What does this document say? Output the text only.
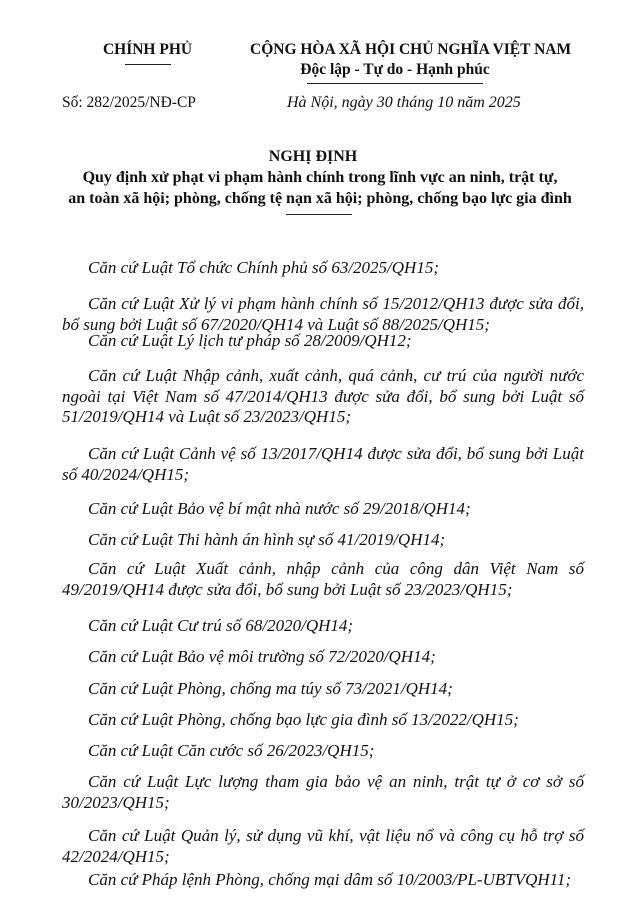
CHÍNH PHỦ	CỘNG HÒA XÃ HỘI CHỦ NGHĨA VIỆT NAM
Độc lập - Tự do - Hạnh phúc
Số: 282/2025/NĐ-CP	Hà Nội, ngày 30 tháng 10 năm 2025
NGHỊ ĐỊNH
Quy định xử phạt vi phạm hành chính trong lĩnh vực an ninh, trật tự,
an toàn xã hội; phòng, chống tệ nạn xã hội; phòng, chống bạo lực gia đình

Căn cứ Luật Tổ chức Chính phủ số 63/2025/QH15;

Căn cứ Luật Xử lý vi phạm hành chính số 15/2012/QH13 được sửa đổi, bổ sung bởi Luật số 67/2020/QH14 và Luật số 88/2025/QH15;

Căn cứ Luật Lý lịch tư pháp số 28/2009/QH12;

Căn cứ Luật Nhập cảnh, xuất cảnh, quá cảnh, cư trú của người nước ngoài tại Việt Nam số 47/2014/QH13 được sửa đổi, bổ sung bởi Luật số 51/2019/QH14 và Luật số 23/2023/QH15;

Căn cứ Luật Cảnh vệ số 13/2017/QH14 được sửa đổi, bổ sung bởi Luật số 40/2024/QH15;

Căn cứ Luật Bảo vệ bí mật nhà nước số 29/2018/QH14;

Căn cứ Luật Thi hành án hình sự số 41/2019/QH14;

Căn cứ Luật Xuất cảnh, nhập cảnh của công dân Việt Nam số 49/2019/QH14 được sửa đổi, bổ sung bởi Luật số 23/2023/QH15;

Căn cứ Luật Cư trú số 68/2020/QH14;

Căn cứ Luật Bảo vệ môi trường số 72/2020/QH14;

Căn cứ Luật Phòng, chống ma túy số 73/2021/QH14;

Căn cứ Luật Phòng, chống bạo lực gia đình số 13/2022/QH15;

Căn cứ Luật Căn cước số 26/2023/QH15;

Căn cứ Luật Lực lượng tham gia bảo vệ an ninh, trật tự ở cơ sở số 30/2023/QH15;

Căn cứ Luật Quản lý, sử dụng vũ khí, vật liệu nổ và công cụ hỗ trợ số 42/2024/QH15;

Căn cứ Pháp lệnh Phòng, chống mại dâm số 10/2003/PL-UBTVQH11;
